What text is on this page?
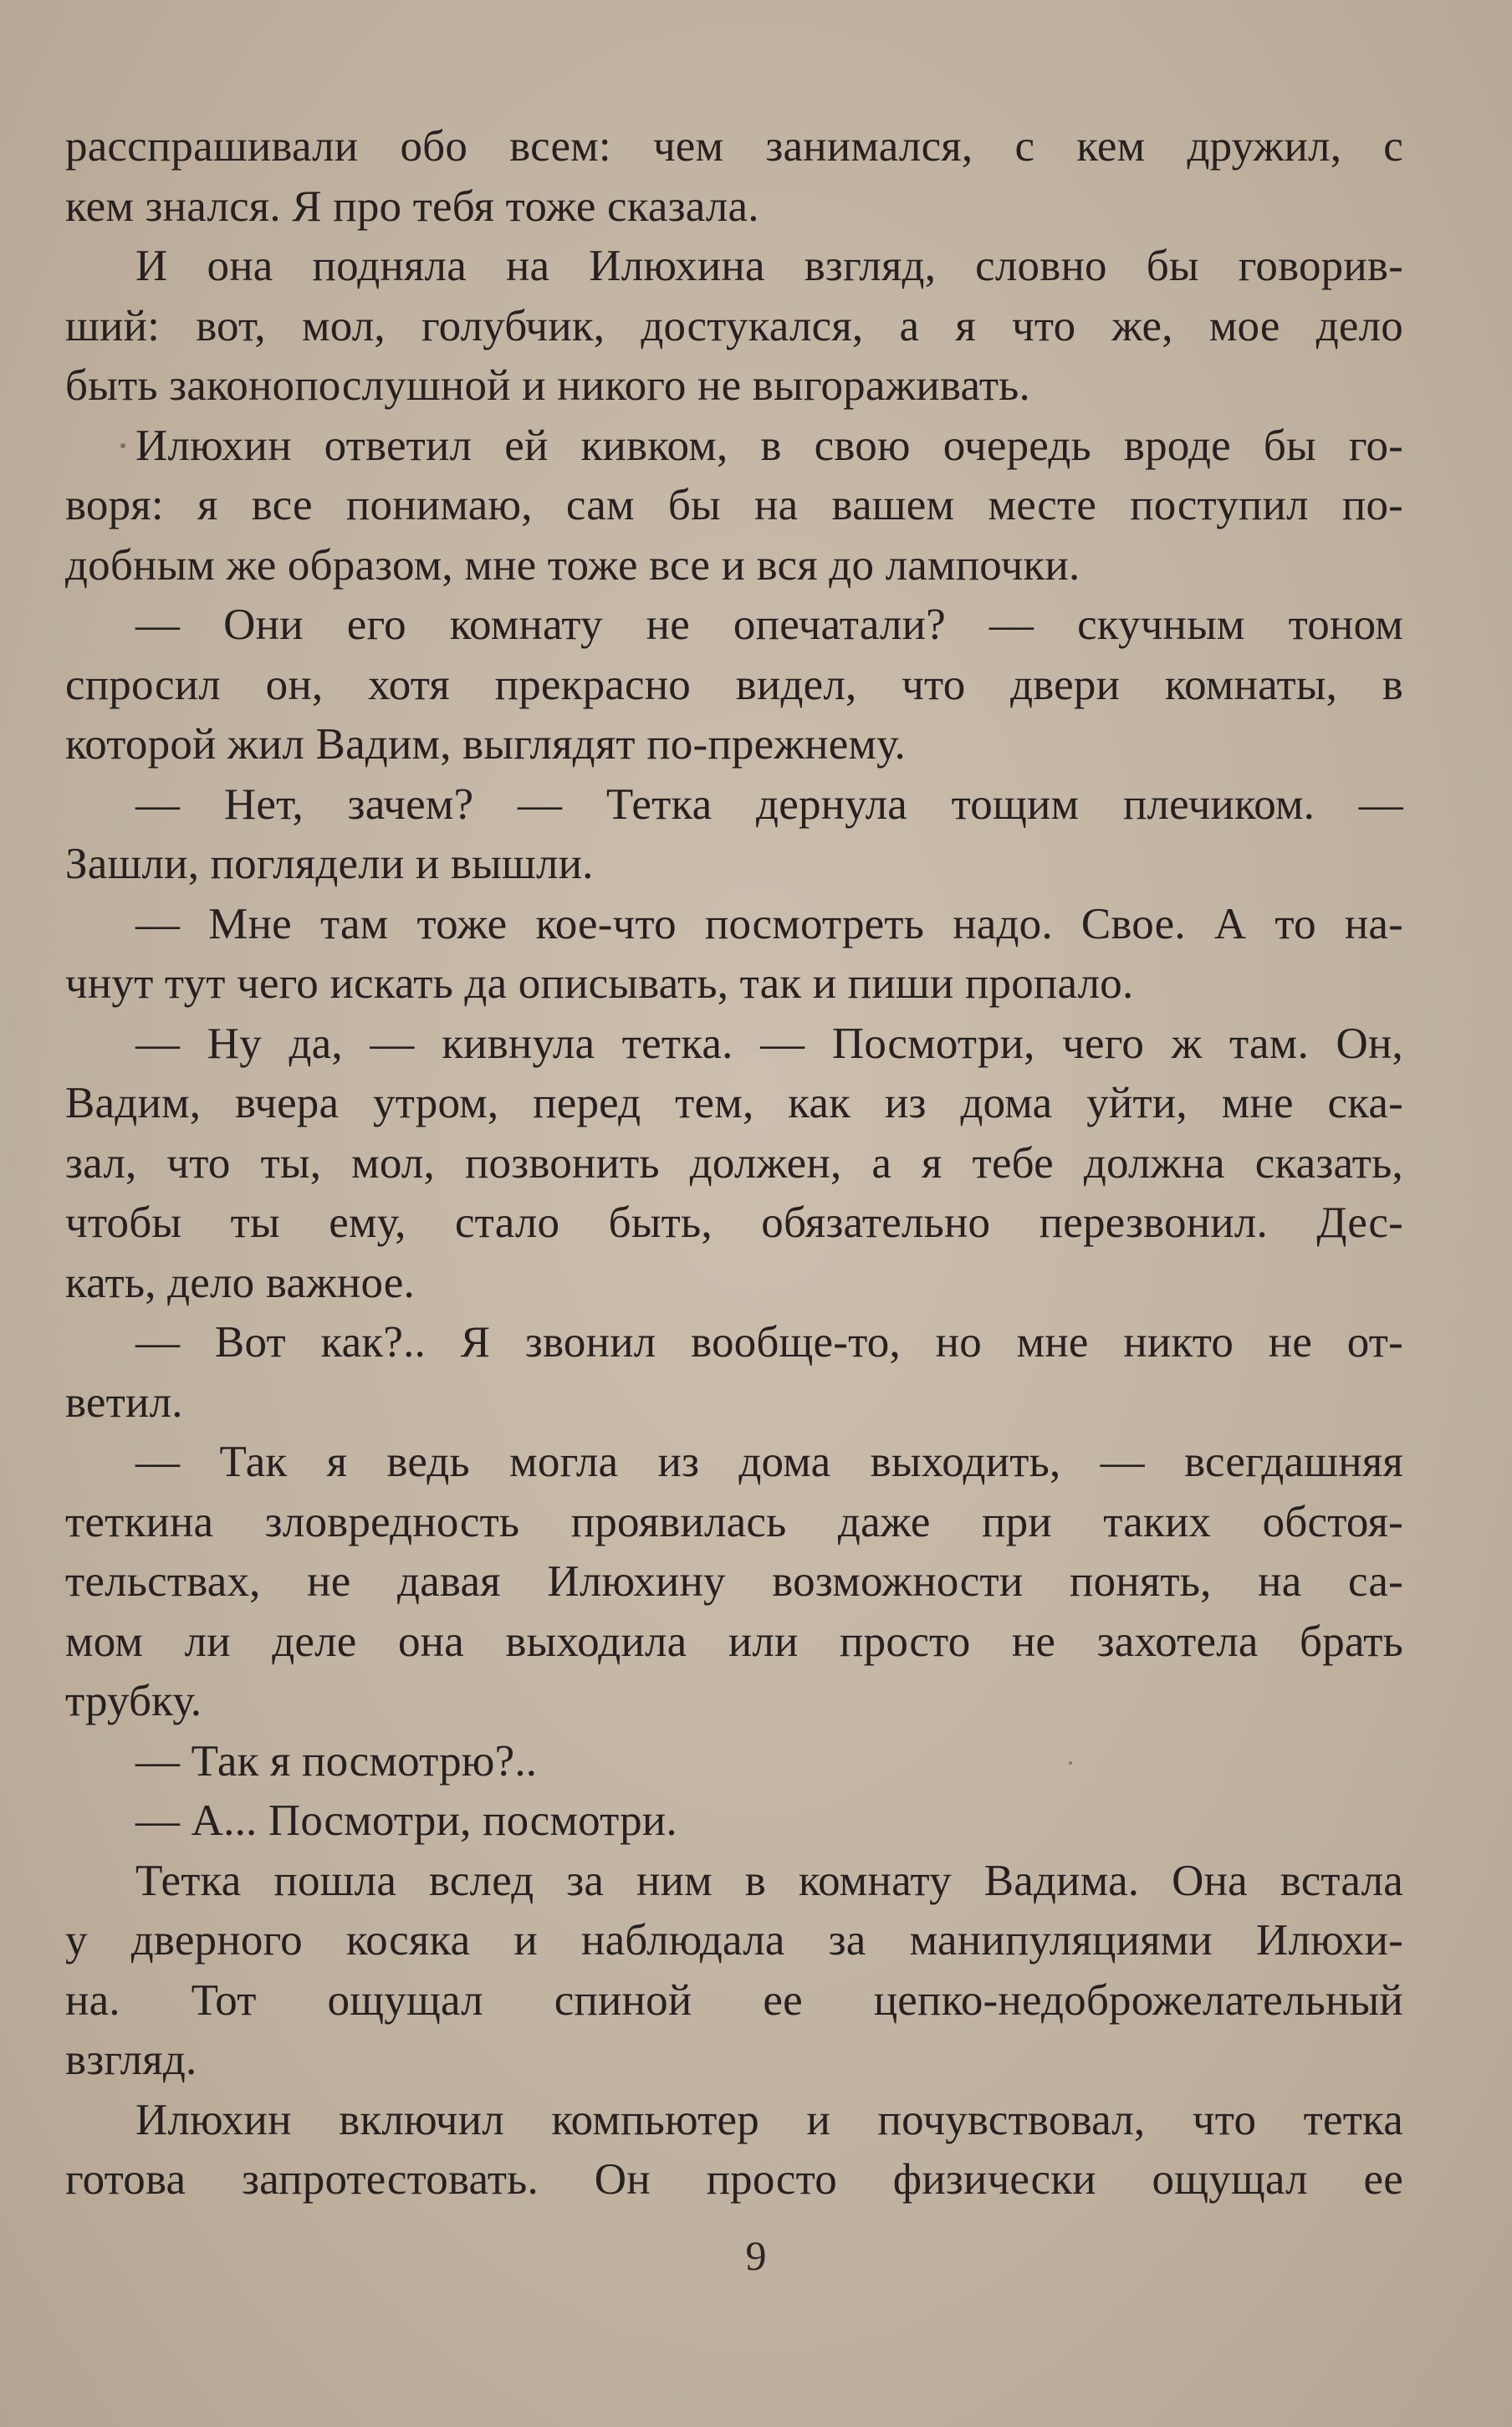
расспрашивали обо всем: чем занимался, с кем дружил, с
кем знался. Я про тебя тоже сказала.
И она подняла на Илюхина взгляд, словно бы говорив-
ший: вот, мол, голубчик, достукался, а я что же, мое дело
быть законопослушной и никого не выгораживать.
Илюхин ответил ей кивком, в свою очередь вроде бы го-
воря: я все понимаю, сам бы на вашем месте поступил по-
добным же образом, мне тоже все и вся до лампочки.
— Они его комнату не опечатали? — скучным тоном
спросил он, хотя прекрасно видел, что двери комнаты, в
которой жил Вадим, выглядят по-прежнему.
— Нет, зачем? — Тетка дернула тощим плечиком. —
Зашли, поглядели и вышли.
— Мне там тоже кое-что посмотреть надо. Свое. А то на-
чнут тут чего искать да описывать, так и пиши пропало.
— Ну да, — кивнула тетка. — Посмотри, чего ж там. Он,
Вадим, вчера утром, перед тем, как из дома уйти, мне ска-
зал, что ты, мол, позвонить должен, а я тебе должна сказать,
чтобы ты ему, стало быть, обязательно перезвонил. Дес-
кать, дело важное.
— Вот как?.. Я звонил вообще-то, но мне никто не от-
ветил.
— Так я ведь могла из дома выходить, — всегдашняя
теткина зловредность проявилась даже при таких обстоя-
тельствах, не давая Илюхину возможности понять, на са-
мом ли деле она выходила или просто не захотела брать
трубку.
— Так я посмотрю?..
— А... Посмотри, посмотри.
Тетка пошла вслед за ним в комнату Вадима. Она встала
у дверного косяка и наблюдала за манипуляциями Илюхи-
на. Тот ощущал спиной ее цепко-недоброжелательный
взгляд.
Илюхин включил компьютер и почувствовал, что тетка
готова запротестовать. Он просто физически ощущал ее
9
